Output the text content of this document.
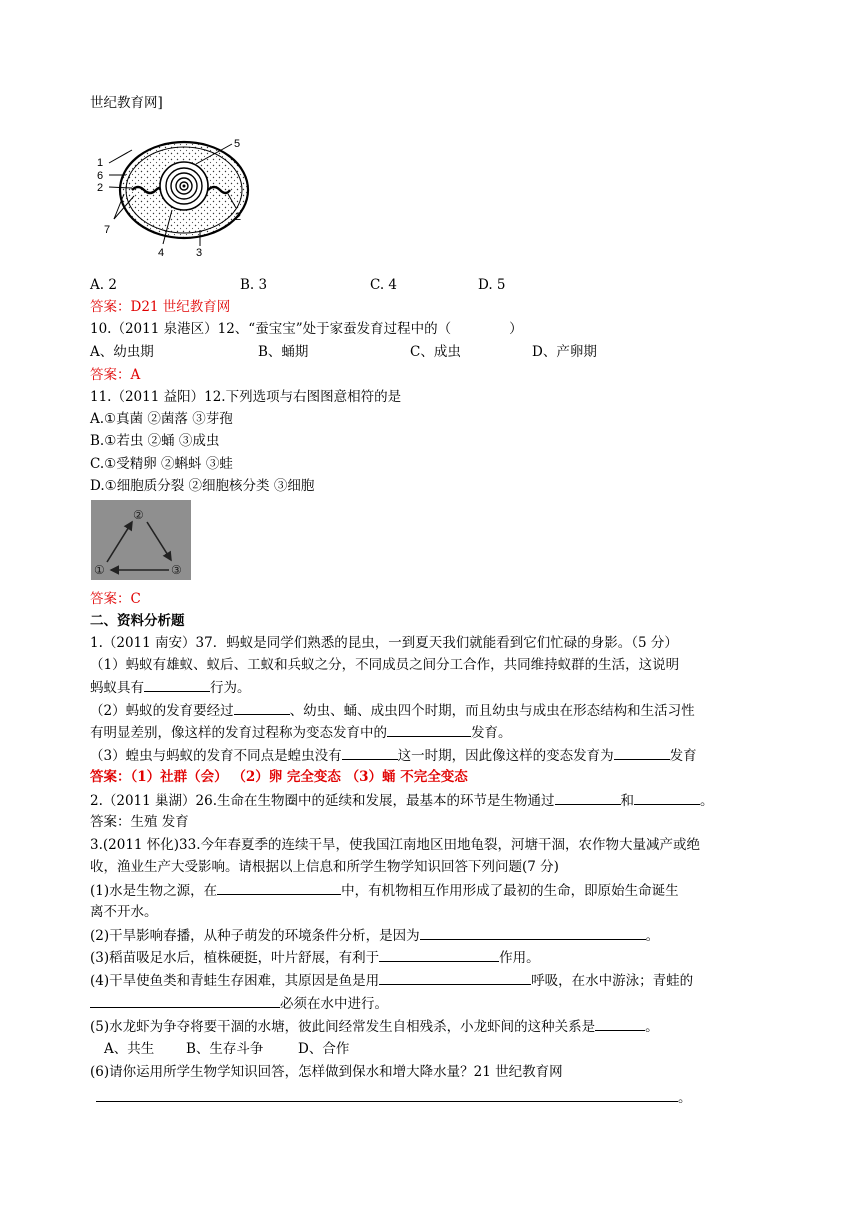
世纪教育网]
1
6
2
7
5
4	3
2
A. 2	B. 3	C. 4	D. 5
答案：D21 世纪教育网
10.（2011 泉港区）12、“蚕宝宝”处于家蚕发育过程中的（	）
A、幼虫期	B、蛹期	C、成虫	D、产卵期
答案：A
11.（2011 益阳）12.下列选项与右图图意相符的是
A.①真菌 ②菌落 ③芽孢
B.①若虫 ②蛹 ③成虫
C.①受精卵 ②蝌蚪 ③蛙
D.①细胞质分裂 ②细胞核分类 ③细胞
②
①	③
答案：C
二、资料分析题
1.（2011 南安）37．蚂蚁是同学们熟悉的昆虫，一到夏天我们就能看到它们忙碌的身影。（5 分）
（1）蚂蚁有雄蚁、蚁后、工蚁和兵蚁之分，不同成员之间分工合作，共同维持蚁群的生活，这说明
蚂蚁具有	行为。
（2）蚂蚁的发育要经过	、幼虫、蛹、成虫四个时期，而且幼虫与成虫在形态结构和生活习性
有明显差别，像这样的发育过程称为变态发育中的	发育。
（3）蝗虫与蚂蚁的发育不同点是蝗虫没有	这一时期，因此像这样的变态发育为	发育
答案：（1）社群（会） （2）卵 完全变态 （3）蛹 不完全变态
2.（2011 巢湖）26.生命在生物圈中的延续和发展，最基本的环节是生物通过	和	。
答案：生殖 发育
3.(2011 怀化)33.今年春夏季的连续干旱，使我国江南地区田地龟裂，河塘干涸，农作物大量减产或绝
收，渔业生产大受影响。请根据以上信息和所学生物学知识回答下列问题(7 分)
(1)水是生物之源，在	中，有机物相互作用形成了最初的生命，即原始生命诞生
离不开水。
(2)干旱影响春播，从种子萌发的环境条件分析，是因为	。
(3)稻苗吸足水后，植株硬挺，叶片舒展，有利于	作用。
(4)干旱使鱼类和青蛙生存困难，其原因是鱼是用	呼吸，在水中游泳；青蛙的
必须在水中进行。
(5)水龙虾为争夺将要干涸的水塘，彼此间经常发生自相残杀，小龙虾间的这种关系是	。
A、共生 B、生存斗争	D、合作
(6)请你运用所学生物学知识回答，怎样做到保水和增大降水量？21 世纪教育网
。
